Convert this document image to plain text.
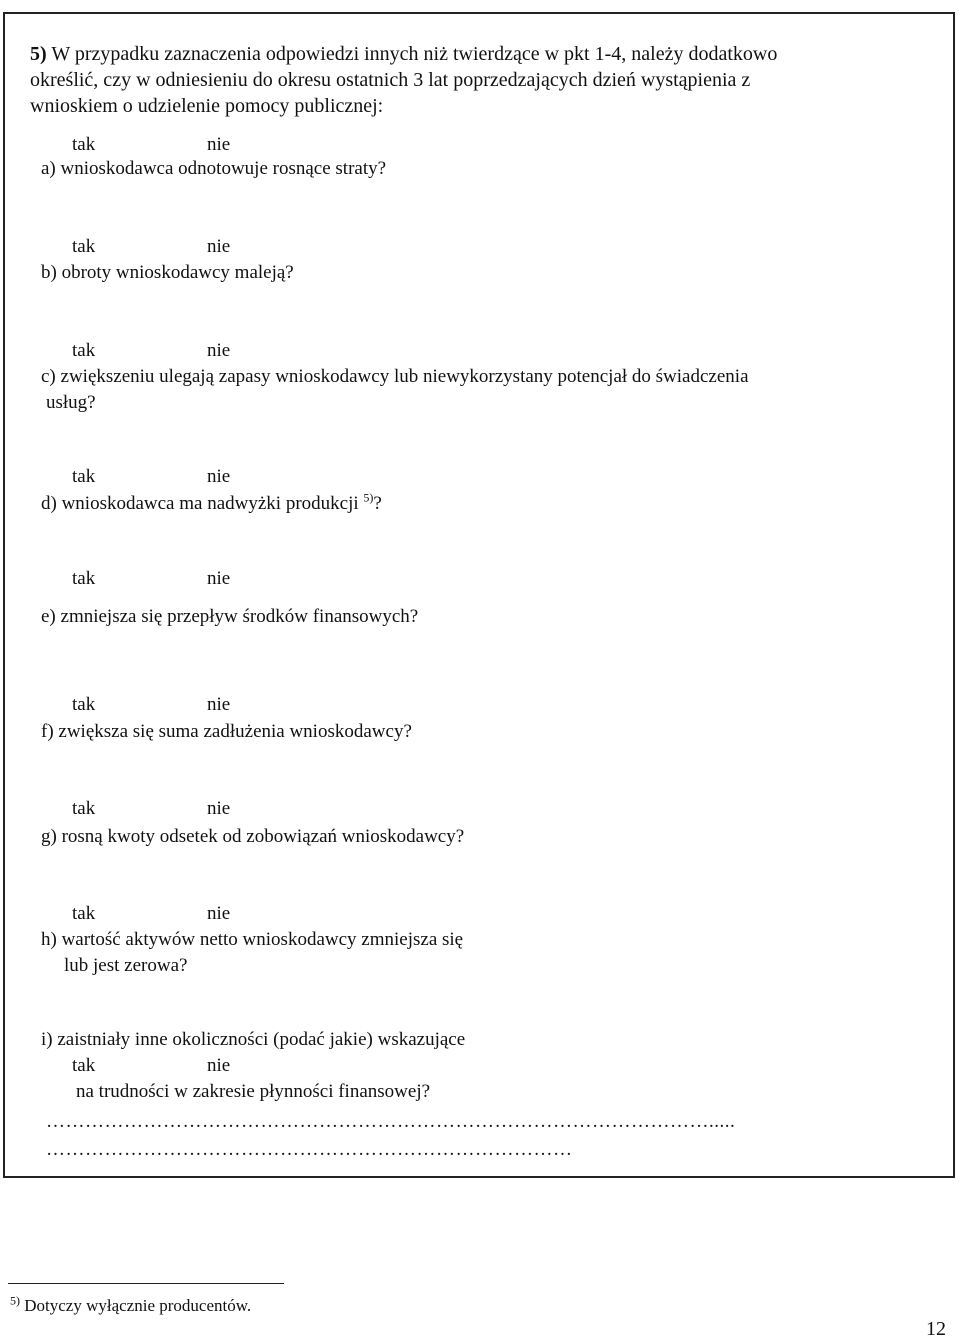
5) W przypadku zaznaczenia odpowiedzi innych niż twierdzące w pkt 1-4, należy dodatkowo
określić, czy w odniesieniu do okresu ostatnich 3 lat poprzedzających dzień wystąpienia z
wnioskiem o udzielenie pomocy publicznej:
tak	nie
a) wnioskodawca odnotowuje rosnące straty?
tak	nie
b) obroty wnioskodawcy maleją?
tak	nie
c) zwiększeniu ulegają zapasy wnioskodawcy lub niewykorzystany potencjał do świadczenia
usług?
tak	nie
d) wnioskodawca ma nadwyżki produkcji $^{5)}$?
tak	nie
e) zmniejsza się przepływ środków finansowych?
tak	nie
f) zwiększa się suma zadłużenia wnioskodawcy?
tak	nie
g) rosną kwoty odsetek od zobowiązań wnioskodawcy?
tak	nie
h) wartość aktywów netto wnioskodawcy zmniejsza się
lub jest zerowa?
i) zaistniały inne okoliczności (podać jakie) wskazujące
tak	nie
na trudności w zakresie płynności finansowej?
………………………………………………………………………………………….....
………………………………………………………………………
$^{5)}$ Dotyczy wyłącznie producentów.
12
